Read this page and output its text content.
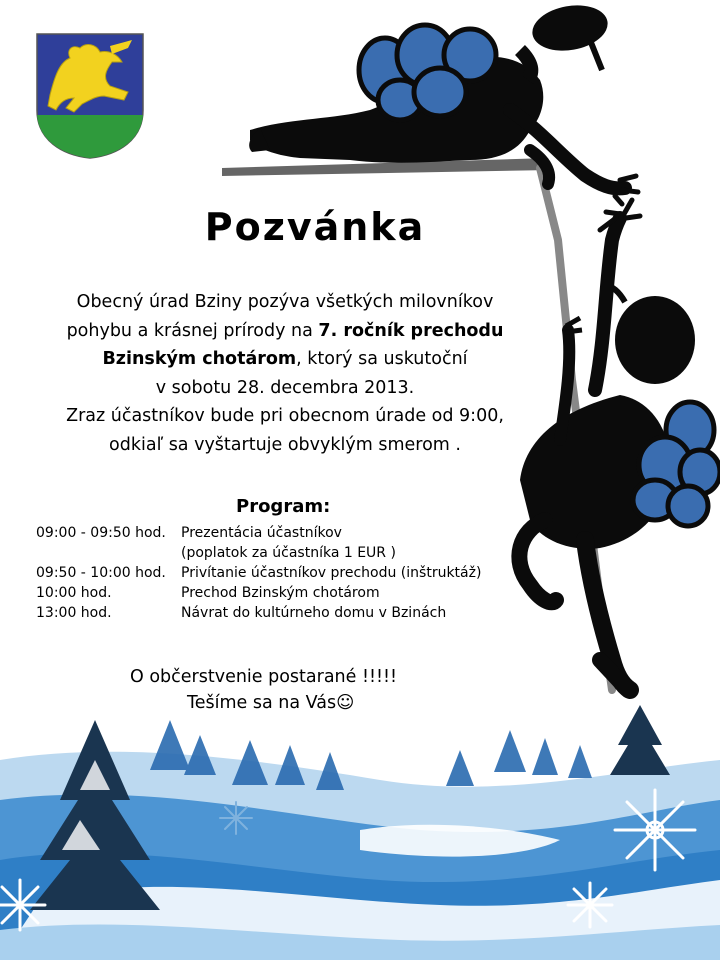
Pozvánka

Obecný úrad Bziny pozýva všetkých milovníkov

pohybu a krásnej prírody na 7. ročník prechodu

Bzinským chotárom, ktorý sa uskutoční

v sobotu 28. decembra 2013.

Zraz účastníkov bude pri obecnom úrade od 9:00,

odkiaľ sa vyštartuje obvyklým smerom .

Program:
09:00 - 09:50 hod. Prezentácia účastníkov
(poplatok za účastníka 1 EUR )
09:50 - 10:00 hod. Privítanie účastníkov prechodu (inštruktáž)
10:00 hod.	Prechod Bzinským chotárom
13:00 hod.	Návrat do kultúrneho domu v Bzinách
O občerstvenie postarané !!!!!
Tešíme sa na Vás☺
